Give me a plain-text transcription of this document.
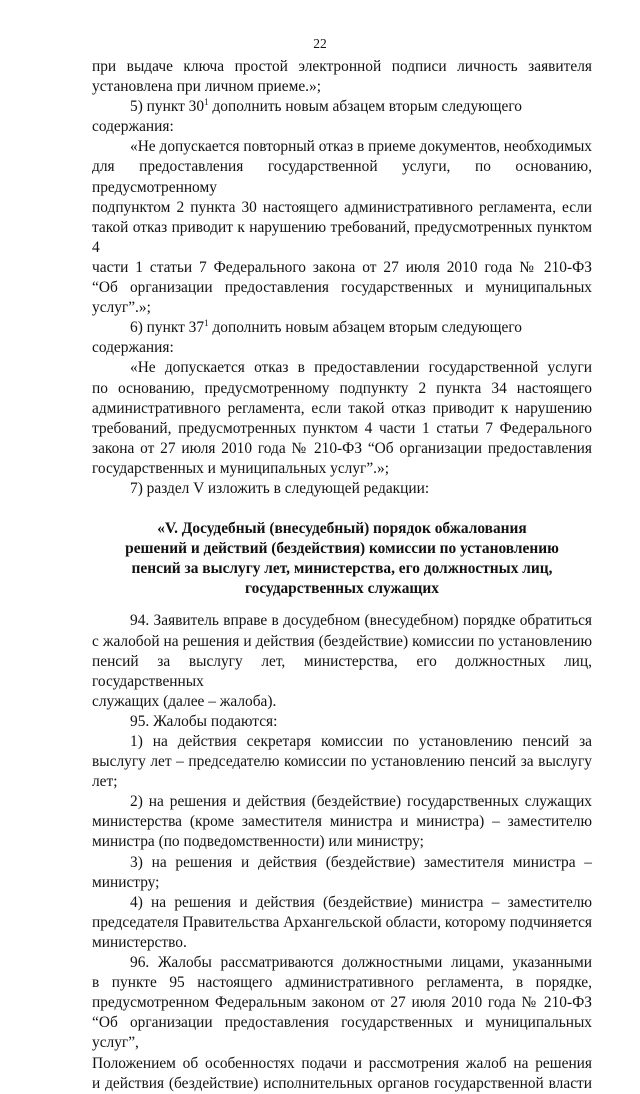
22
при выдаче ключа простой электронной подписи личность заявителя
установлена при личном приеме.»;
5) пункт $30^1$ дополнить новым абзацем вторым следующего содержания:
«Не допускается повторный отказ в приеме документов, необходимых
для предоставления государственной услуги, по основанию, предусмотренному
подпунктом 2 пункта 30 настоящего административного регламента, если
такой отказ приводит к нарушению требований, предусмотренных пунктом 4
части 1 статьи 7 Федерального закона от 27 июля 2010 года № 210-ФЗ
“Об организации предоставления государственных и муниципальных услуг”.»;
6) пункт $37^1$ дополнить новым абзацем вторым следующего содержания:
«Не допускается отказ в предоставлении государственной услуги
по основанию, предусмотренному подпункту 2 пункта 34 настоящего
административного регламента, если такой отказ приводит к нарушению
требований, предусмотренных пунктом 4 части 1 статьи 7 Федерального
закона от 27 июля 2010 года № 210-ФЗ “Об организации предоставления
государственных и муниципальных услуг”.»;
7) раздел V изложить в следующей редакции:
«V. Досудебный (внесудебный) порядок обжалования
решений и действий (бездействия) комиссии по установлению
пенсий за выслугу лет, министерства, его должностных лиц,
государственных служащих
94. Заявитель вправе в досудебном (внесудебном) порядке обратиться
с жалобой на решения и действия (бездействие) комиссии по установлению
пенсий за выслугу лет, министерства, его должностных лиц, государственных
служащих (далее – жалоба).
95. Жалобы подаются:
1) на действия секретаря комиссии по установлению пенсий за
выслугу лет – председателю комиссии по установлению пенсий за выслугу
лет;
2) на решения и действия (бездействие) государственных служащих
министерства (кроме заместителя министра и министра) – заместителю
министра (по подведомственности) или министру;
3) на решения и действия (бездействие) заместителя министра –
министру;
4) на решения и действия (бездействие) министра – заместителю
председателя Правительства Архангельской области, которому подчиняется
министерство.
96. Жалобы рассматриваются должностными лицами, указанными
в пункте 95 настоящего административного регламента, в порядке,
предусмотренном Федеральным законом от 27 июля 2010 года № 210-ФЗ
“Об организации предоставления государственных и муниципальных услуг”,
Положением об особенностях подачи и рассмотрения жалоб на решения
и действия (бездействие) исполнительных органов государственной власти
